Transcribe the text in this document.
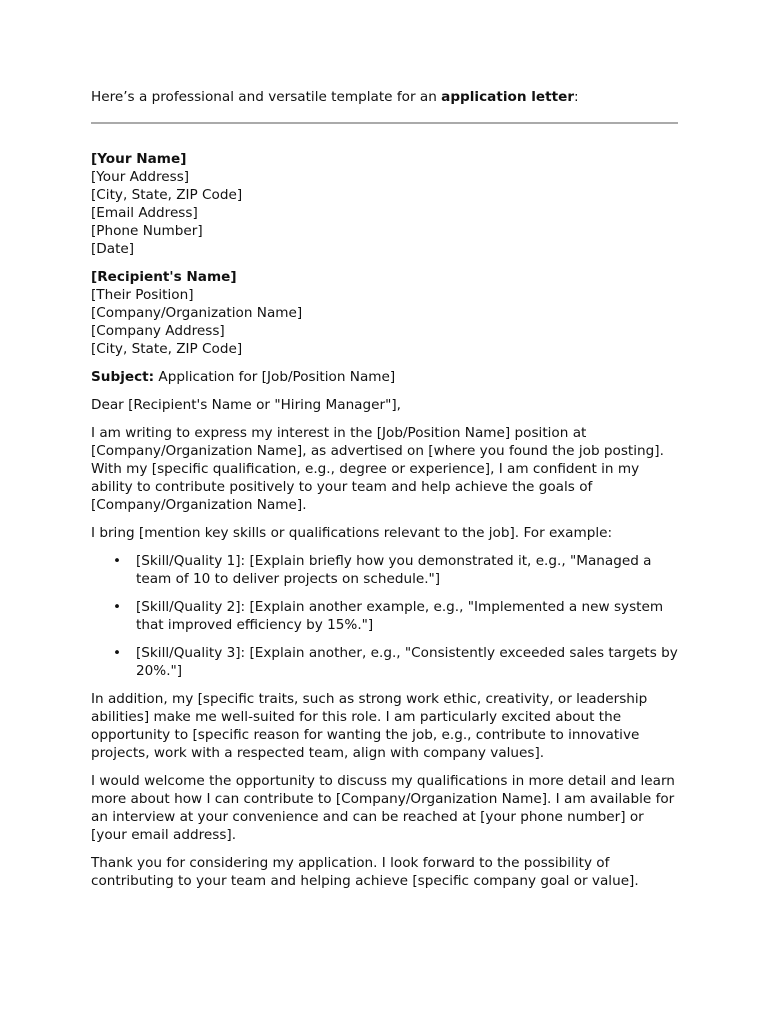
Here’s a professional and versatile template for an application letter:

[Your Name]
[Your Address]
[City, State, ZIP Code]
[Email Address]
[Phone Number]
[Date]
[Recipient's Name]
[Their Position]
[Company/Organization Name]
[Company Address]
[City, State, ZIP Code]

Subject: Application for [Job/Position Name]

Dear [Recipient's Name or "Hiring Manager"],

I am writing to express my interest in the [Job/Position Name] position at [Company/Organization Name], as advertised on [where you found the job posting]. With my [specific qualification, e.g., degree or experience], I am confident in my ability to contribute positively to your team and help achieve the goals of [Company/Organization Name].

I bring [mention key skills or qualifications relevant to the job]. For example:

• [Skill/Quality 1]: [Explain briefly how you demonstrated it, e.g., "Managed a team of 10 to deliver projects on schedule."]
• [Skill/Quality 2]: [Explain another example, e.g., "Implemented a new system that improved efficiency by 15%."]
• [Skill/Quality 3]: [Explain another, e.g., "Consistently exceeded sales targets by 20%."]

In addition, my [specific traits, such as strong work ethic, creativity, or leadership abilities] make me well-suited for this role. I am particularly excited about the opportunity to [specific reason for wanting the job, e.g., contribute to innovative projects, work with a respected team, align with company values].

I would welcome the opportunity to discuss my qualifications in more detail and learn more about how I can contribute to [Company/Organization Name]. I am available for an interview at your convenience and can be reached at [your phone number] or [your email address].

Thank you for considering my application. I look forward to the possibility of contributing to your team and helping achieve [specific company goal or value].
